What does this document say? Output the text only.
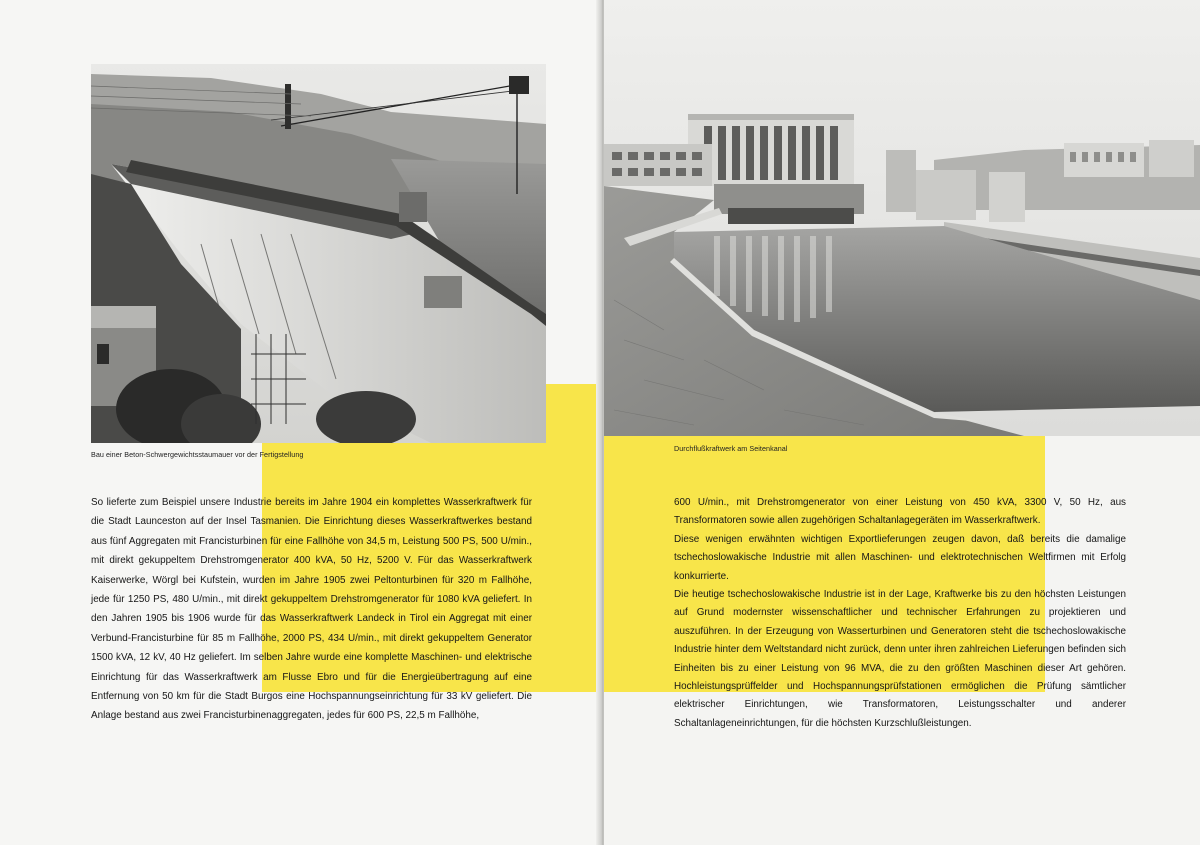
Bau einer Beton-Schwergewichtsstaumauer vor der Fertigstellung

So lieferte zum Beispiel unsere Industrie bereits im Jahre 1904 ein komplettes Wasserkraftwerk für die Stadt Launceston auf der Insel Tasmanien. Die Einrichtung dieses Wasserkraftwerkes bestand aus fünf Aggregaten mit Francisturbinen für eine Fallhöhe von 34,5 m, Leistung 500 PS, 500 U/min., mit direkt gekuppeltem Drehstromgenerator 400 kVA, 50 Hz, 5200 V. Für das Wasserkraftwerk Kaiserwerke, Wörgl bei Kufstein, wurden im Jahre 1905 zwei Peltonturbinen für 320 m Fallhöhe, jede für 1250 PS, 480 U/min., mit direkt gekuppeltem Drehstromgenerator für 1080 kVA geliefert. In den Jahren 1905 bis 1906 wurde für das Wasserkraftwerk Landeck in Tirol ein Aggregat mit einer Verbund-Francisturbine für 85 m Fallhöhe, 2000 PS, 434 U/min., mit direkt gekuppeltem Generator 1500 kVA, 12 kV, 40 Hz geliefert. Im selben Jahre wurde eine komplette Maschinen- und elektrische Einrichtung für das Wasserkraftwerk am Flusse Ebro und für die Energieübertragung auf eine Entfernung von 50 km für die Stadt Burgos eine Hochspannungseinrichtung für 33 kV geliefert. Die Anlage bestand aus zwei Francisturbinenaggregaten, jedes für 600 PS, 22,5 m Fallhöhe,

Durchflußkraftwerk am Seitenkanal

600 U/min., mit Drehstromgenerator von einer Leistung von 450 kVA, 3300 V, 50 Hz, aus Transformatoren sowie allen zugehörigen Schaltanlagegeräten im Wasserkraftwerk.

Diese wenigen erwähnten wichtigen Exportlieferungen zeugen davon, daß bereits die damalige tschechoslowakische Industrie mit allen Maschinen- und elektrotechnischen Weltfirmen mit Erfolg konkurrierte.

Die heutige tschechoslowakische Industrie ist in der Lage, Kraftwerke bis zu den höchsten Leistungen auf Grund modernster wissenschaftlicher und technischer Erfahrungen zu projektieren und auszuführen. In der Erzeugung von Wasserturbinen und Generatoren steht die tschechoslowakische Industrie hinter dem Weltstandard nicht zurück, denn unter ihren zahlreichen Lieferungen befinden sich Einheiten bis zu einer Leistung von 96 MVA, die zu den größten Maschinen dieser Art gehören. Hochleistungsprüffelder und Hochspannungsprüfstationen ermöglichen die Prüfung sämtlicher elektrischer Einrichtungen, wie Transformatoren, Leistungsschalter und anderer Schaltanlageneinrichtungen, für die höchsten Kurzschlußleistungen.
